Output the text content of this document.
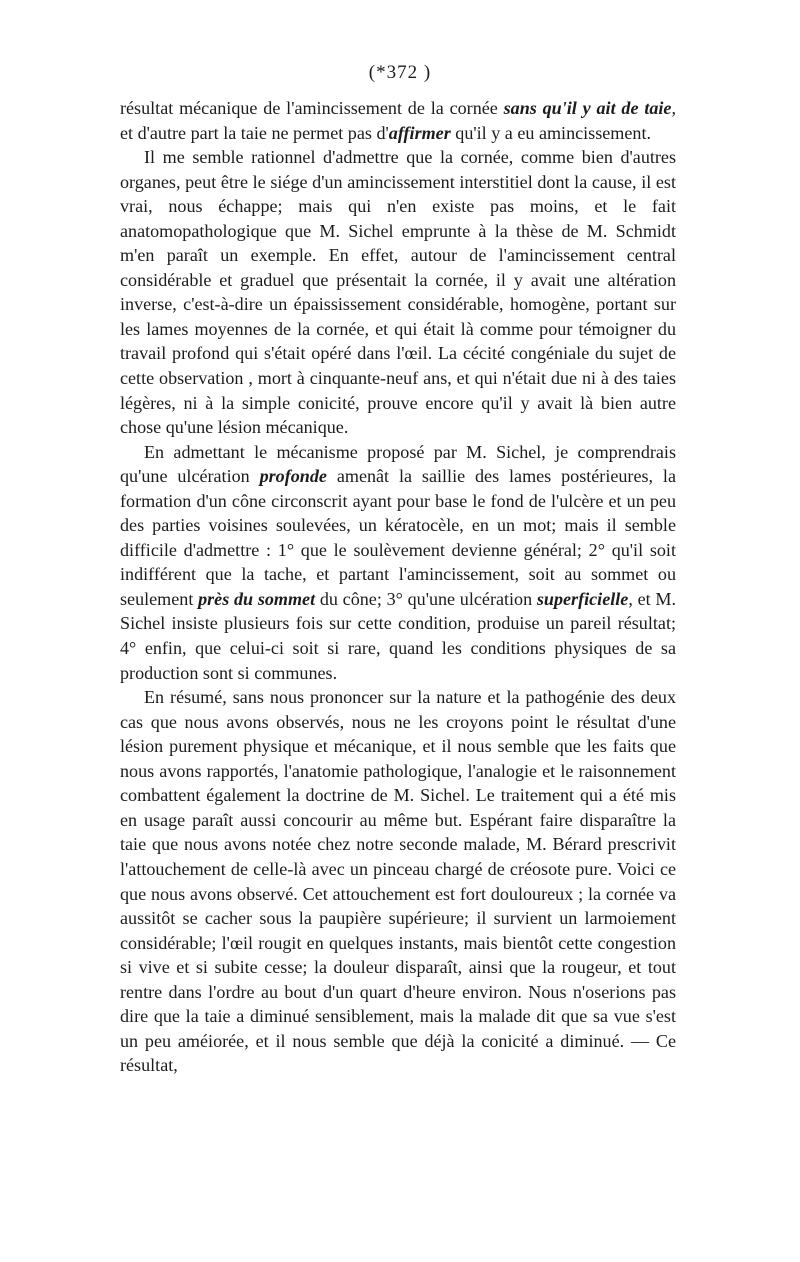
(*372 )

résultat mécanique de l'amincissement de la cornée sans qu'il y ait de taie, et d'autre part la taie ne permet pas d'affirmer qu'il y a eu amincissement.

Il me semble rationnel d'admettre que la cornée, comme bien d'autres organes, peut être le siége d'un amincissement interstitiel dont la cause, il est vrai, nous échappe; mais qui n'en existe pas moins, et le fait anatomopathologique que M. Sichel emprunte à la thèse de M. Schmidt m'en paraît un exemple. En effet, autour de l'amincissement central considérable et graduel que présentait la cornée, il y avait une altération inverse, c'est-à-dire un épaississement considérable, homogène, portant sur les lames moyennes de la cornée, et qui était là comme pour témoigner du travail profond qui s'était opéré dans l'œil. La cécité congéniale du sujet de cette observation , mort à cinquante-neuf ans, et qui n'était due ni à des taies légères, ni à la simple conicité, prouve encore qu'il y avait là bien autre chose qu'une lésion mécanique.

En admettant le mécanisme proposé par M. Sichel, je comprendrais qu'une ulcération profonde amenât la saillie des lames postérieures, la formation d'un cône circonscrit ayant pour base le fond de l'ulcère et un peu des parties voisines soulevées, un kératocèle, en un mot; mais il semble difficile d'admettre : 1° que le soulèvement devienne général; 2° qu'il soit indifférent que la tache, et partant l'amincissement, soit au sommet ou seulement près du sommet du cône; 3° qu'une ulcération superficielle, et M. Sichel insiste plusieurs fois sur cette condition, produise un pareil résultat; 4° enfin, que celui-ci soit si rare, quand les conditions physiques de sa production sont si communes.

En résumé, sans nous prononcer sur la nature et la pathogénie des deux cas que nous avons observés, nous ne les croyons point le résultat d'une lésion purement physique et mécanique, et il nous semble que les faits que nous avons rapportés, l'anatomie pathologique, l'analogie et le raisonnement combattent également la doctrine de M. Sichel. Le traitement qui a été mis en usage paraît aussi concourir au même but. Espérant faire disparaître la taie que nous avons notée chez notre seconde malade, M. Bérard prescrivit l'attouchement de celle-là avec un pinceau chargé de créosote pure. Voici ce que nous avons observé. Cet attouchement est fort douloureux ; la cornée va aussitôt se cacher sous la paupière supérieure; il survient un larmoiement considérable; l'œil rougit en quelques instants, mais bientôt cette congestion si vive et si subite cesse; la douleur disparaît, ainsi que la rougeur, et tout rentre dans l'ordre au bout d'un quart d'heure environ. Nous n'oserions pas dire que la taie a diminué sensiblement, mais la malade dit que sa vue s'est un peu améiorée, et il nous semble que déjà la conicité a diminué. — Ce résultat,
